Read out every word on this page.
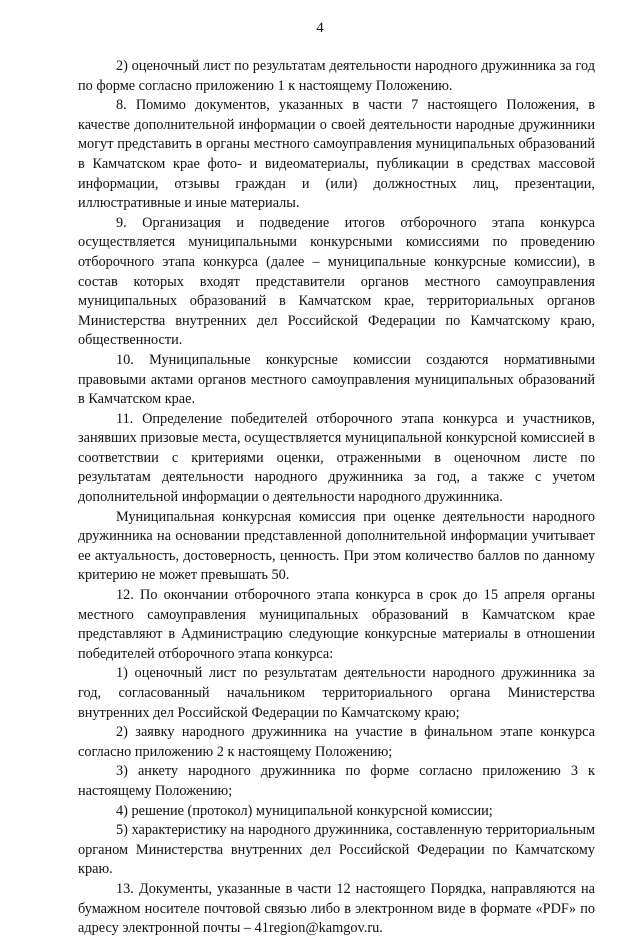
4

2) оценочный лист по результатам деятельности народного дружинника за год по форме согласно приложению 1 к настоящему Положению.

8. Помимо документов, указанных в части 7 настоящего Положения, в качестве дополнительной информации о своей деятельности народные дружинники могут представить в органы местного самоуправления муниципальных образований в Камчатском крае фото- и видеоматериалы, публикации в средствах массовой информации, отзывы граждан и (или) должностных лиц, презентации, иллюстративные и иные материалы.

9. Организация и подведение итогов отборочного этапа конкурса осуществляется муниципальными конкурсными комиссиями по проведению отборочного этапа конкурса (далее – муниципальные конкурсные комиссии), в состав которых входят представители органов местного самоуправления муниципальных образований в Камчатском крае, территориальных органов Министерства внутренних дел Российской Федерации по Камчатскому краю, общественности.

10. Муниципальные конкурсные комиссии создаются нормативными правовыми актами органов местного самоуправления муниципальных образований в Камчатском крае.

11. Определение победителей отборочного этапа конкурса и участников, занявших призовые места, осуществляется муниципальной конкурсной комиссией в соответствии с критериями оценки, отраженными в оценочном листе по результатам деятельности народного дружинника за год, а также с учетом дополнительной информации о деятельности народного дружинника.

Муниципальная конкурсная комиссия при оценке деятельности народного дружинника на основании представленной дополнительной информации учитывает ее актуальность, достоверность, ценность. При этом количество баллов по данному критерию не может превышать 50.

12. По окончании отборочного этапа конкурса в срок до 15 апреля органы местного самоуправления муниципальных образований в Камчатском крае представляют в Администрацию следующие конкурсные материалы в отношении победителей отборочного этапа конкурса:

1) оценочный лист по результатам деятельности народного дружинника за год, согласованный начальником территориального органа Министерства внутренних дел Российской Федерации по Камчатскому краю;

2) заявку народного дружинника на участие в финальном этапе конкурса согласно приложению 2 к настоящему Положению;

3) анкету народного дружинника по форме согласно приложению 3 к настоящему Положению;

4) решение (протокол) муниципальной конкурсной комиссии;

5) характеристику на народного дружинника, составленную территориальным органом Министерства внутренних дел Российской Федерации по Камчатскому краю.

13. Документы, указанные в части 12 настоящего Порядка, направляются на бумажном носителе почтовой связью либо в электронном виде в формате «PDF» по адресу электронной почты – 41region@kamgov.ru.
